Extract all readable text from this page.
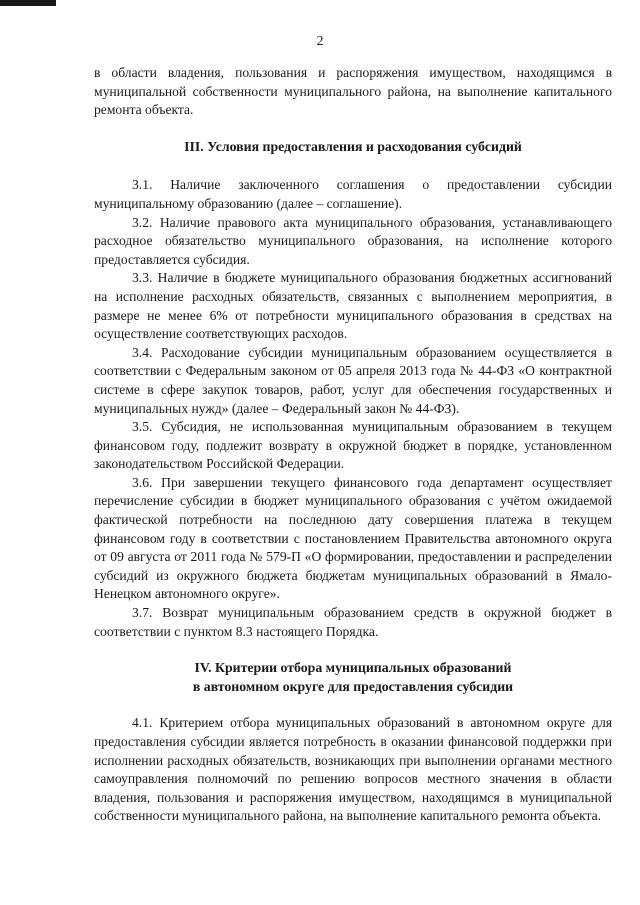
2

в области владения, пользования и распоряжения имуществом, находящимся в муниципальной собственности муниципального района, на выполнение капитального ремонта объекта.

III. Условия предоставления и расходования субсидий

3.1. Наличие заключенного соглашения о предоставлении субсидии муниципальному образованию (далее – соглашение).

3.2. Наличие правового акта муниципального образования, устанавливающего расходное обязательство муниципального образования, на исполнение которого предоставляется субсидия.

3.3. Наличие в бюджете муниципального образования бюджетных ассигнований на исполнение расходных обязательств, связанных с выполнением мероприятия, в размере не менее 6% от потребности муниципального образования в средствах на осуществление соответствующих расходов.

3.4. Расходование субсидии муниципальным образованием осуществляется в соответствии с Федеральным законом от 05 апреля 2013 года № 44-ФЗ «О контрактной системе в сфере закупок товаров, работ, услуг для обеспечения государственных и муниципальных нужд» (далее – Федеральный закон № 44-ФЗ).

3.5. Субсидия, не использованная муниципальным образованием в текущем финансовом году, подлежит возврату в окружной бюджет в порядке, установленном законодательством Российской Федерации.

3.6. При завершении текущего финансового года департамент осуществляет перечисление субсидии в бюджет муниципального образования с учётом ожидаемой фактической потребности на последнюю дату совершения платежа в текущем финансовом году в соответствии с постановлением Правительства автономного округа от 09 августа от 2011 года № 579-П «О формировании, предоставлении и распределении субсидий из окружного бюджета бюджетам муниципальных образований в Ямало-Ненецком автономного округе».

3.7. Возврат муниципальным образованием средств в окружной бюджет в соответствии с пунктом 8.3 настоящего Порядка.

IV. Критерии отбора муниципальных образований
в автономном округе для предоставления субсидии

4.1. Критерием отбора муниципальных образований в автономном округе для предоставления субсидии является потребность в оказании финансовой поддержки при исполнении расходных обязательств, возникающих при выполнении органами местного самоуправления полномочий по решению вопросов местного значения в области владения, пользования и распоряжения имуществом, находящимся в муниципальной собственности муниципального района, на выполнение капитального ремонта объекта.
